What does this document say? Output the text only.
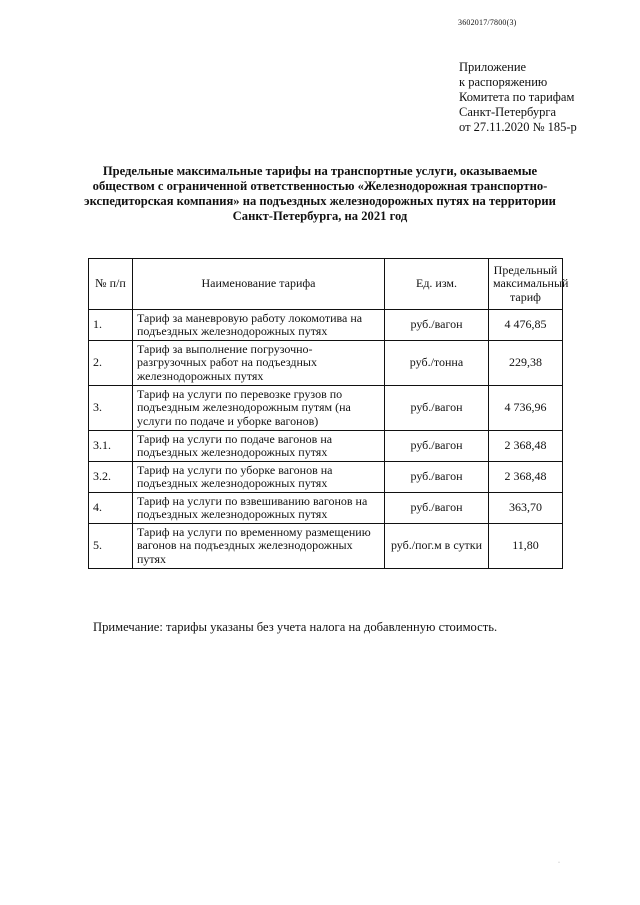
3602017/7800(3)
Приложение
к распоряжению
Комитета по тарифам
Санкт-Петербурга
от 27.11.2020 № 185-р
Предельные максимальные тарифы на транспортные услуги, оказываемые
обществом с ограниченной ответственностью «Железнодорожная транспортно-
экспедиторская компания» на подъездных железнодорожных путях на территории
Санкт-Петербурга, на 2021 год
№ п/п	Наименование тарифа	Ед. изм.	Предельный максимальный тариф
1.	Тариф за маневровую работу локомотива на подъездных железнодорожных путях	руб./вагон	4 476,85
2.	Тариф за выполнение погрузочно-разгрузочных работ на подъездных железнодорожных путях	руб./тонна	229,38
3.	Тариф на услуги по перевозке грузов по подъездным железнодорожным путям (на услуги по подаче и уборке вагонов)	руб./вагон	4 736,96
3.1.	Тариф на услуги по подаче вагонов на подъездных железнодорожных путях	руб./вагон	2 368,48
3.2.	Тариф на услуги по уборке вагонов на подъездных железнодорожных путях	руб./вагон	2 368,48
4.	Тариф на услуги по взвешиванию вагонов на подъездных железнодорожных путях	руб./вагон	363,70
5.	Тариф на услуги по временному размещению вагонов на подъездных железнодорожных путях	руб./пог.м в сутки	11,80
Примечание: тарифы указаны без учета налога на добавленную стоимость.
·
